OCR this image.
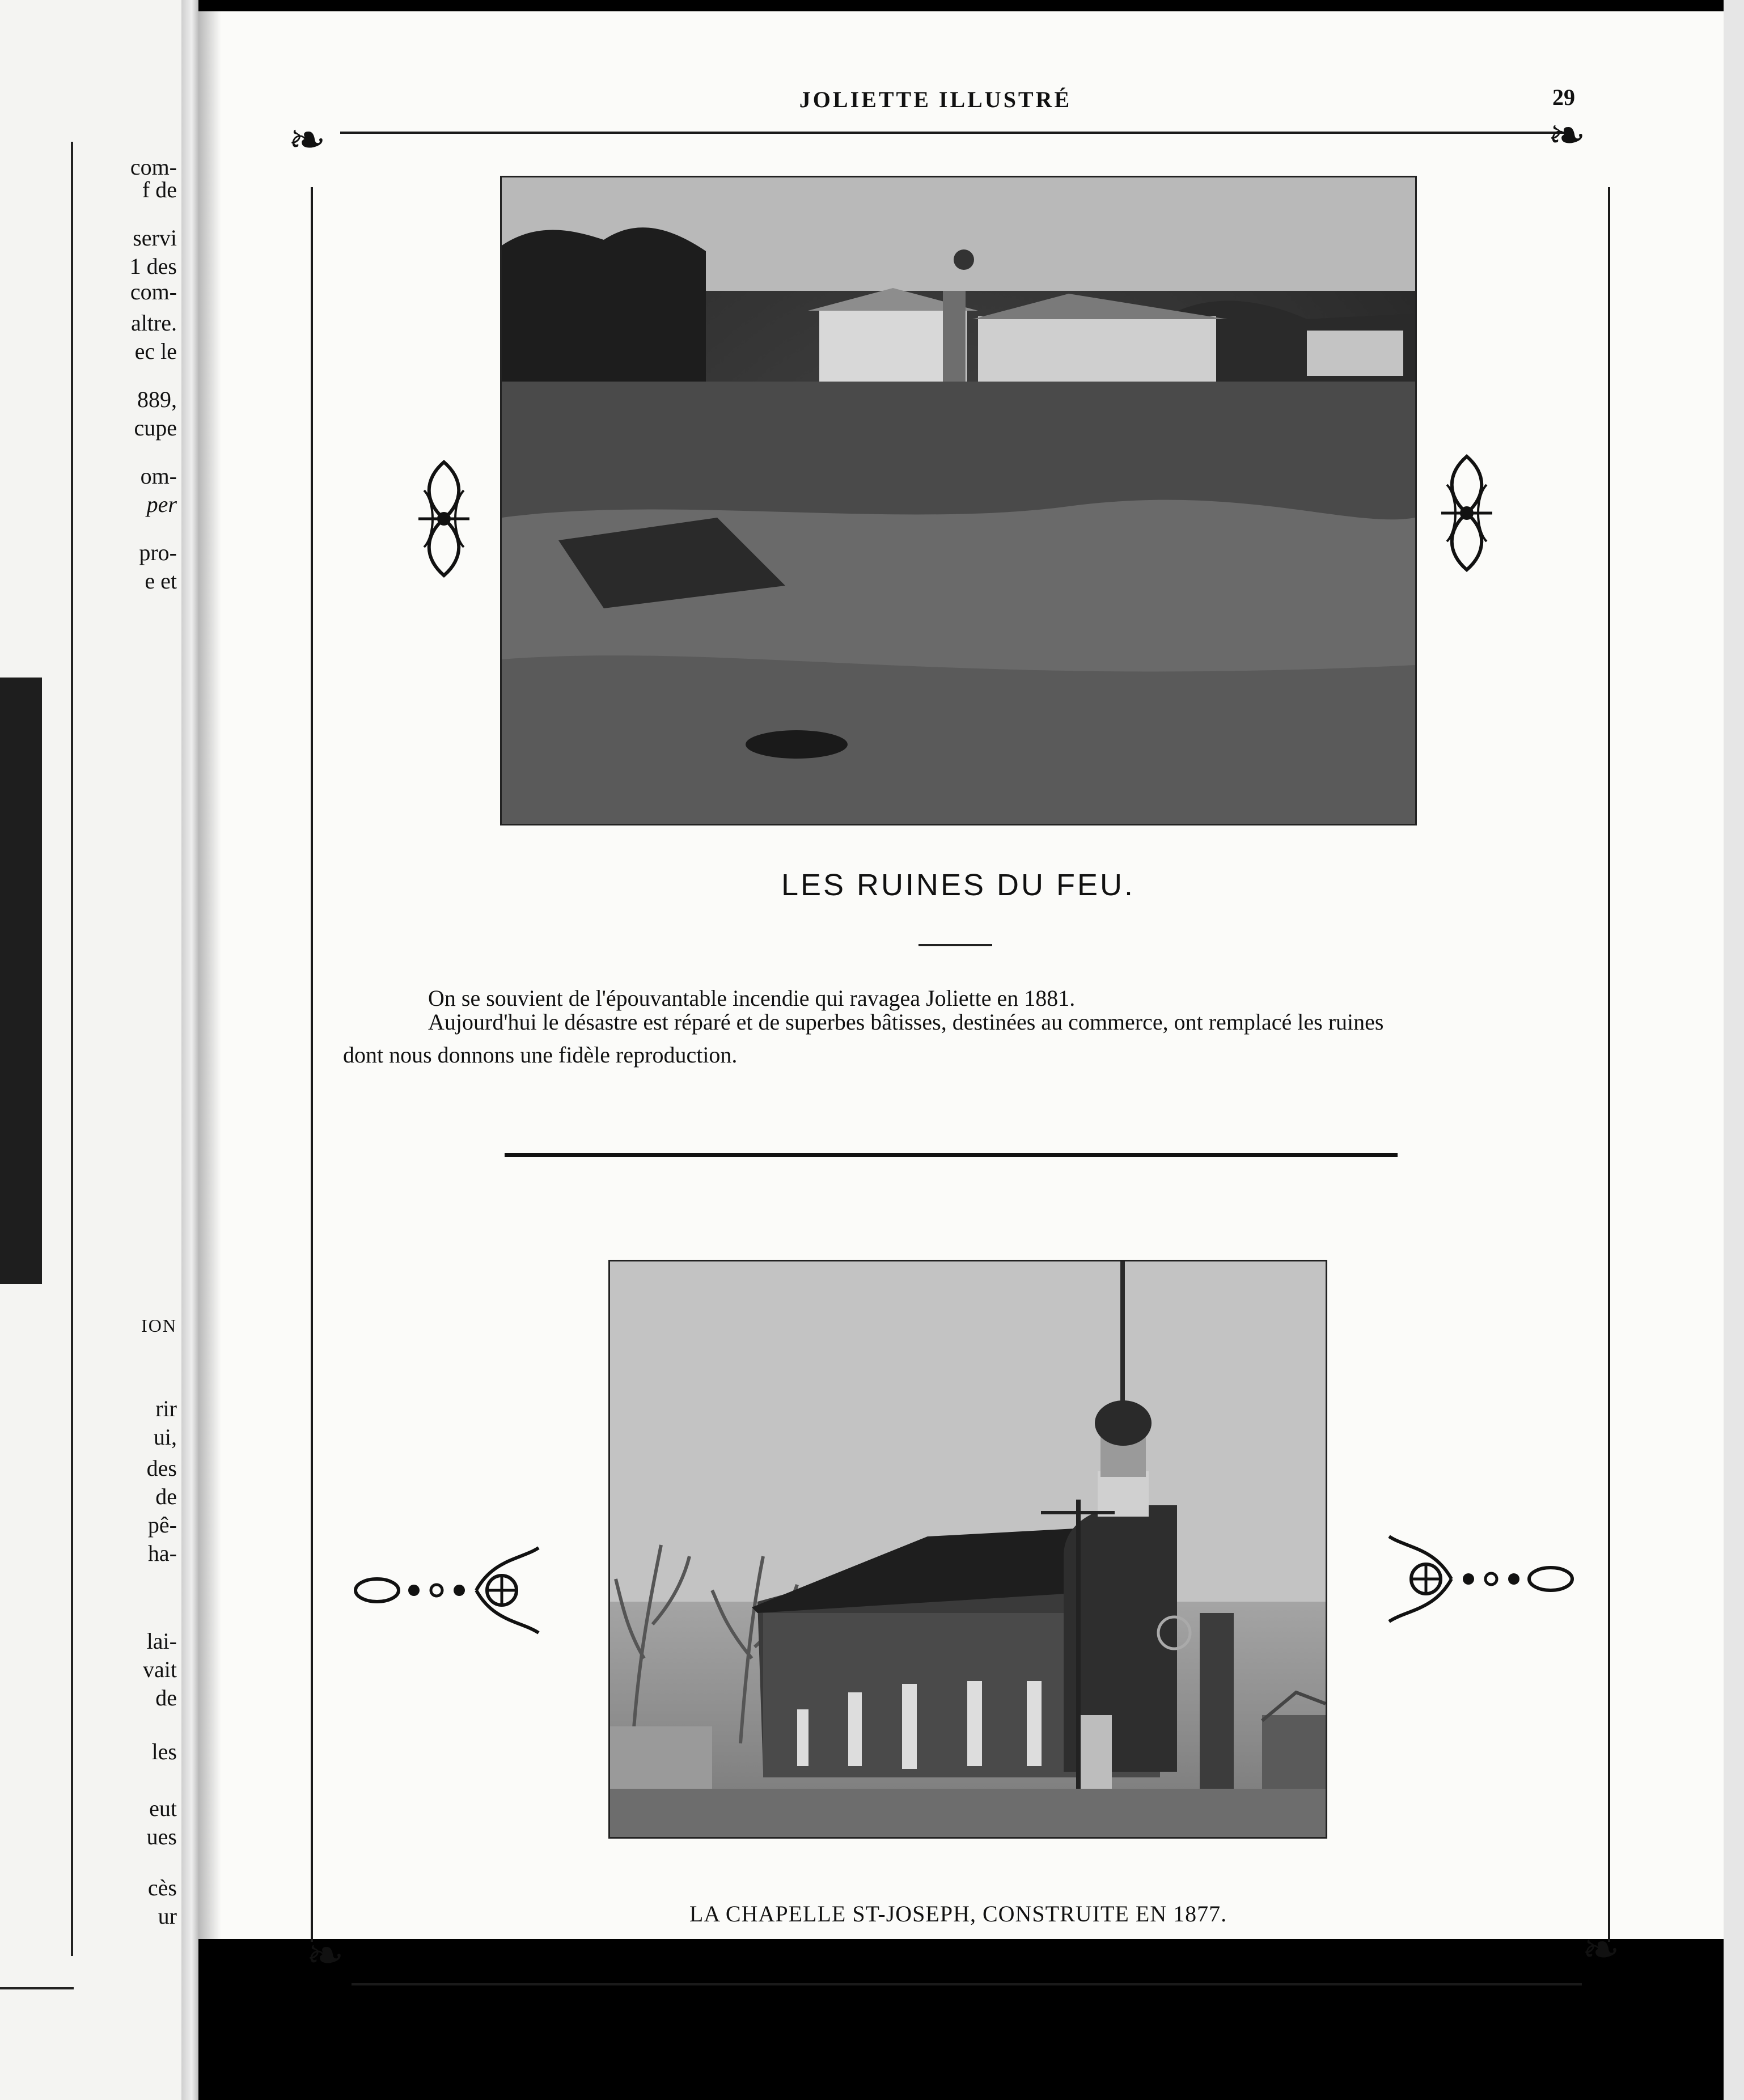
ION
com-
f de
servi
1 des
com-
altre.
ec le
889,
cupe
om-
per
pro-
e et
rir
ui,
des
de
pê-
ha-
lai-
vait
de
les
eut
ues
cès
ur
JOLIETTE ILLUSTRÉ	29
❧	❧
❧	❧
LES RUINES DU FEU.
On se souvient de l'épouvantable incendie qui ravagea Joliette en 1881.
Aujourd'hui le désastre est réparé et de superbes bâtisses, destinées au commerce, ont remplacé les ruines
dont nous donnons une fidèle reproduction.
LA CHAPELLE ST-JOSEPH, CONSTRUITE EN 1877.
